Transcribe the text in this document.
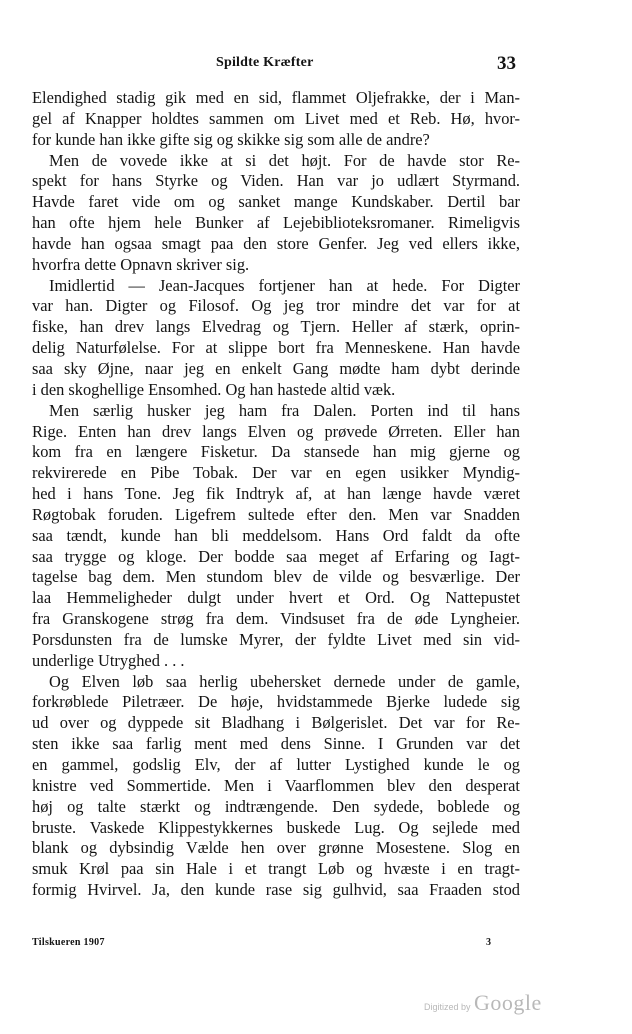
Spildte Kræfter	33
Elendighed stadig gik med en sid, flammet Oljefrakke, der i Man-
gel af Knapper holdtes sammen om Livet med et Reb. Hø, hvor-
for kunde han ikke gifte sig og skikke sig som alle de andre?
Men de vovede ikke at si det højt. For de havde stor Re-
spekt for hans Styrke og Viden. Han var jo udlært Styrmand.
Havde faret vide om og sanket mange Kundskaber. Dertil bar
han ofte hjem hele Bunker af Lejebiblioteksromaner. Rimeligvis
havde han ogsaa smagt paa den store Genfer. Jeg ved ellers ikke,
hvorfra dette Opnavn skriver sig.
Imidlertid — Jean-Jacques fortjener han at hede. For Digter
var han. Digter og Filosof. Og jeg tror mindre det var for at
fiske, han drev langs Elvedrag og Tjern. Heller af stærk, oprin-
delig Naturfølelse. For at slippe bort fra Menneskene. Han havde
saa sky Øjne, naar jeg en enkelt Gang mødte ham dybt derinde
i den skoghellige Ensomhed. Og han hastede altid væk.
Men særlig husker jeg ham fra Dalen. Porten ind til hans
Rige. Enten han drev langs Elven og prøvede Ørreten. Eller han
kom fra en længere Fisketur. Da stansede han mig gjerne og
rekvirerede en Pibe Tobak. Der var en egen usikker Myndig-
hed i hans Tone. Jeg fik Indtryk af, at han længe havde været
Røgtobak foruden. Ligefrem sultede efter den. Men var Snadden
saa tændt, kunde han bli meddelsom. Hans Ord faldt da ofte
saa trygge og kloge. Der bodde saa meget af Erfaring og Iagt-
tagelse bag dem. Men stundom blev de vilde og besværlige. Der
laa Hemmeligheder dulgt under hvert et Ord. Og Nattepustet
fra Granskogene strøg fra dem. Vindsuset fra de øde Lyngheier.
Porsdunsten fra de lumske Myrer, der fyldte Livet med sin vid-
underlige Utryghed . . .
Og Elven løb saa herlig ubehersket dernede under de gamle,
forkrøblede Piletræer. De høje, hvidstammede Bjerke ludede sig
ud over og dyppede sit Bladhang i Bølgerislet. Det var for Re-
sten ikke saa farlig ment med dens Sinne. I Grunden var det
en gammel, godslig Elv, der af lutter Lystighed kunde le og
knistre ved Sommertide. Men i Vaarflommen blev den desperat
høj og talte stærkt og indtrængende. Den sydede, boblede og
bruste. Vaskede Klippestykkernes buskede Lug. Og sejlede med
blank og dybsindig Vælde hen over grønne Mosestene. Slog en
smuk Krøl paa sin Hale i et trangt Løb og hvæste i en tragt-
formig Hvirvel. Ja, den kunde rase sig gulhvid, saa Fraaden stod
Tilskueren 1907	3
Digitized by Google
